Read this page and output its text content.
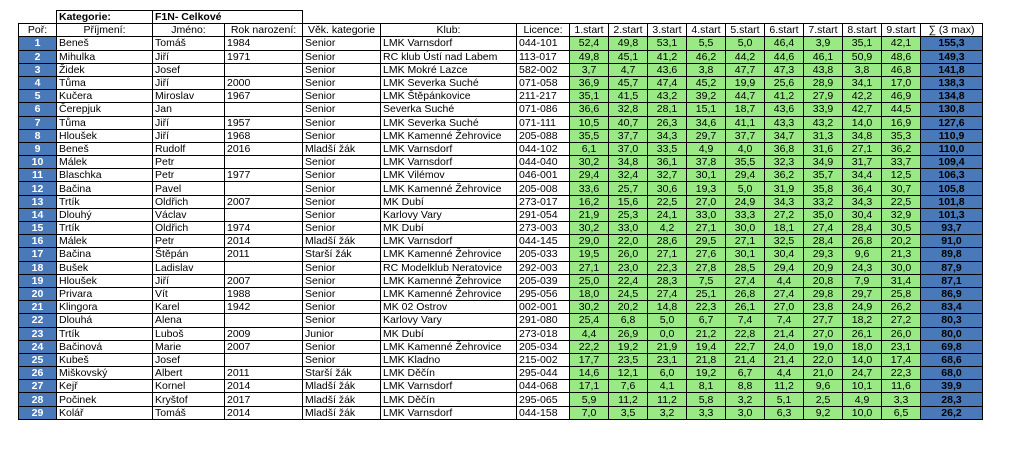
	Kategorie:	F1N- Celkové														
Poř:	Příjmení:	Jméno:	Rok narození:	Věk. kategorie	Klub:	Licence:	1.start	2.start	3.start	4.start	5.start	6.start	7.start	8.start	9.start	∑ (3 max)
1	Beneš	Tomáš	1984	Senior	LMK Varnsdorf	044-101	52,4	49,8	53,1	5,5	5,0	46,4	3,9	35,1	42,1	155,3
2	Mihulka	Jiří	1971	Senior	RC klub Ústí nad Labem	113-017	49,8	45,1	41,2	46,2	44,2	44,6	46,1	50,9	48,6	149,3
3	Židek	Josef		Senior	LMK Mokré Lazce	582-002	3,7	4,7	43,6	3,8	47,7	47,3	43,8	3,8	46,8	141,8
4	Tůma	Jiří	2000	Senior	LMK Severka Suché	071-058	36,9	45,7	47,4	45,2	19,9	25,6	28,9	34,1	17,0	138,3
5	Kučera	Miroslav	1967	Senior	LMK Štěpánkovice	211-217	35,1	41,5	43,2	39,2	44,7	41,2	27,9	42,2	46,9	134,8
6	Čerepjuk	Jan		Senior	Severka Suché	071-086	36,6	32,8	28,1	15,1	18,7	43,6	33,9	42,7	44,5	130,8
7	Tůma	Jiří	1957	Senior	LMK Severka Suché	071-111	10,5	40,7	26,3	34,6	41,1	43,3	43,2	14,0	16,9	127,6
8	Hloušek	Jiří	1968	Senior	LMK Kamenné Žehrovice	205-088	35,5	37,7	34,3	29,7	37,7	34,7	31,3	34,8	35,3	110,9
9	Beneš	Rudolf	2016	Mladší žák	LMK Varnsdorf	044-102	6,1	37,0	33,5	4,9	4,0	36,8	31,6	27,1	36,2	110,0
10	Málek	Petr		Senior	LMK Varnsdorf	044-040	30,2	34,8	36,1	37,8	35,5	32,3	34,9	31,7	33,7	109,4
11	Blaschka	Petr	1977	Senior	LMK Vilémov	046-001	29,4	32,4	32,7	30,1	29,4	36,2	35,7	34,4	12,5	106,3
12	Bačina	Pavel		Senior	LMK Kamenné Žehrovice	205-008	33,6	25,7	30,6	19,3	5,0	31,9	35,8	36,4	30,7	105,8
13	Trtík	Oldřich	2007	Senior	MK Dubí	273-017	16,2	15,6	22,5	27,0	24,9	34,3	33,2	34,3	22,5	101,8
14	Dlouhý	Václav		Senior	Karlovy Vary	291-054	21,9	25,3	24,1	33,0	33,3	27,2	35,0	30,4	32,9	101,3
15	Trtík	Oldřich	1974	Senior	MK Dubí	273-003	30,2	33,0	4,2	27,1	30,0	18,1	27,4	28,4	30,5	93,7
16	Málek	Petr	2014	Mladší žák	LMK Varnsdorf	044-145	29,0	22,0	28,6	29,5	27,1	32,5	28,4	26,8	20,2	91,0
17	Bačina	Štěpán	2011	Starší žák	LMK Kamenné Žehrovice	205-033	19,5	26,0	27,1	27,6	30,1	30,4	29,3	9,6	21,3	89,8
18	Bušek	Ladislav		Senior	RC Modelklub Neratovice	292-003	27,1	23,0	22,3	27,8	28,5	29,4	20,9	24,3	30,0	87,9
19	Hloušek	Jiří	2007	Senior	LMK Kamenné Žehrovice	205-039	25,0	22,4	28,3	7,5	27,4	4,4	20,8	7,9	31,4	87,1
20	Privara	Vít	1988	Senior	LMK Kamenné Žehrovice	295-056	18,0	24,5	27,4	25,1	26,8	27,4	29,8	29,7	25,8	86,9
21	Klingora	Karel	1942	Senior	MK 02 Ostrov	002-001	30,2	20,2	14,8	22,3	26,1	27,0	23,8	24,9	26,2	83,4
22	Dlouhá	Alena		Senior	Karlovy Vary	291-080	25,4	6,8	5,0	6,7	7,4	7,4	27,7	18,2	27,2	80,3
23	Trtík	Luboš	2009	Junior	MK Dubí	273-018	4,4	26,9	0,0	21,2	22,8	21,4	27,0	26,1	26,0	80,0
24	Bačinová	Marie	2007	Senior	LMK Kamenné Žehrovice	205-034	22,2	19,2	21,9	19,4	22,7	24,0	19,0	18,0	23,1	69,8
25	Kubeš	Josef		Senior	LMK Kladno	215-002	17,7	23,5	23,1	21,8	21,4	21,4	22,0	14,0	17,4	68,6
26	Miškovský	Albert	2011	Starší žák	LMK Děčín	295-044	14,6	12,1	6,0	19,2	6,7	4,4	21,0	24,7	22,3	68,0
27	Kejř	Kornel	2014	Mladší žák	LMK Varnsdorf	044-068	17,1	7,6	4,1	8,1	8,8	11,2	9,6	10,1	11,6	39,9
28	Počinek	Kryštof	2017	Mladší žák	LMK Děčín	295-065	5,9	11,2	11,2	5,8	3,2	5,1	2,5	4,9	3,3	28,3
29	Kolář	Tomáš	2014	Mladší žák	LMK Varnsdorf	044-158	7,0	3,5	3,2	3,3	3,0	6,3	9,2	10,0	6,5	26,2
